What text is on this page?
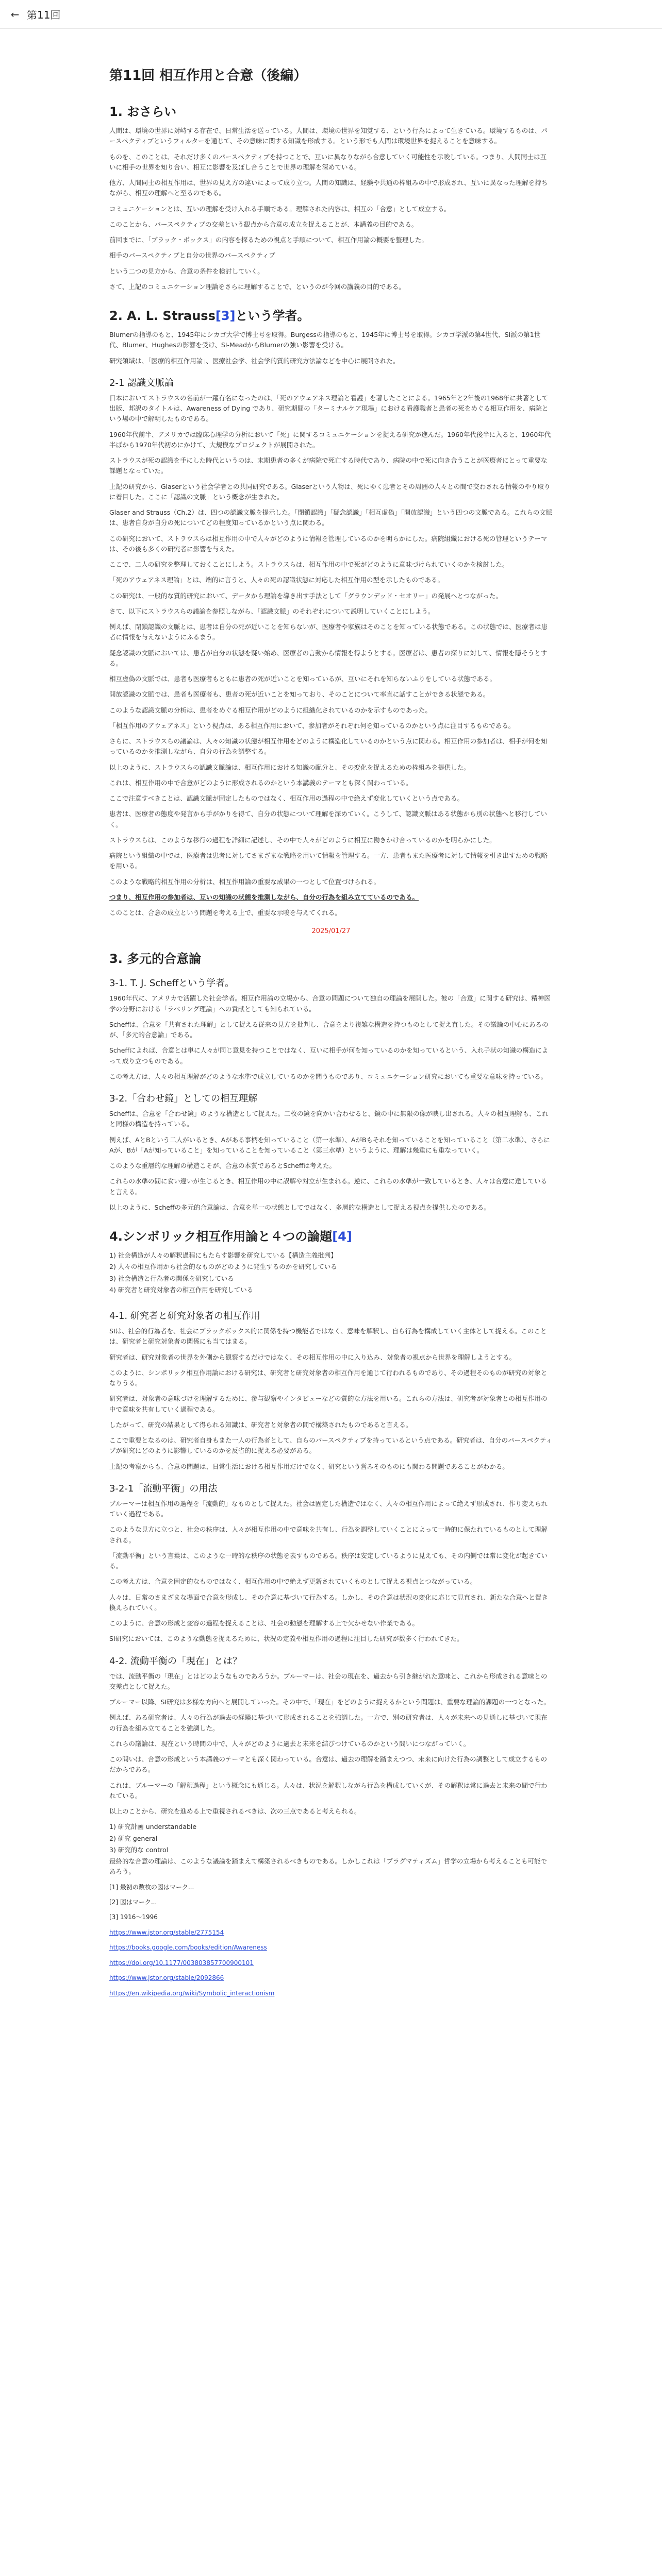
← 第11回
第11回 相互作用と合意（後編）
1. おさらい

人間は、環境の世界に対峙する存在で、日常生活を送っている。人間は、環境の世界を知覚する、という行為によって生きている。環境するものは、パースペクティブというフィルターを通じて、その意味に関する知識を形成する。という形でも人間は環境世界を捉えることを意味する。

ものを、このことは、それだけ多くのパースペクティブを持つことで、互いに異なりながら合意していく可能性を示唆している。つまり、人間同士は互いに相手の世界を知り合い、相互に影響を及ぼし合うことで世界の理解を深めている。

他方、人間同士の相互作用は、世界の見え方の違いによって成り立つ。人間の知識は、経験や共通の枠組みの中で形成され、互いに異なった理解を持ちながら、相互の理解へと至るのである。

コミュニケーションとは、互いの理解を受け入れる手順である。理解された内容は、相互の「合意」として成立する。

このことから、パースペクティブの交差という観点から合意の成立を捉えることが、本講義の目的である。

前回までに、「ブラック・ボックス」の内容を探るための視点と手順について、相互作用論の概要を整理した。

相手のパースペクティブと自分の世界のパースペクティブ

という二つの見方から、合意の条件を検討していく。

さて、上記のコミュニケーション理論をさらに理解することで、というのが今回の講義の目的である。

2. A. L. Strauss[3]という学者。

Blumerの指導のもと、1945年にシカゴ大学で博士号を取得。Burgessの指導のもと、1945年に博士号を取得。シカゴ学派の第4世代、SI派の第1世代、Blumer、Hughesの影響を受け、SI-MeadからBlumerの強い影響を受ける。

研究領域は、「医療的相互作用論」、医療社会学、社会学的質的研究方法論などを中心に展開された。

2-1 認識文脈論

日本においてストラウスの名前が一躍有名になったのは、「死のアウェアネス理論と看護」を著したことによる。1965年と2年後の1968年に共著として出版、邦訳のタイトルは、Awareness of Dying であり、研究期間の「ターミナルケア現場」における看護職者と患者の死をめぐる相互作用を、病院という場の中で解明したものである。

1960年代前半、アメリカでは臨床心理学の分析において「死」に関するコミュニケーションを捉える研究が進んだ。1960年代後半に入ると、1960年代半ばから1970年代初めにかけて、大規模なプロジェクトが展開された。

ストラウスが死の認識を手にした時代というのは、末期患者の多くが病院で死亡する時代であり、病院の中で死に向き合うことが医療者にとって重要な課題となっていた。

上記の研究から、Glaserという社会学者との共同研究である。Glaserという人物は、死にゆく患者とその周囲の人々との間で交わされる情報のやり取りに着目した。ここに「認識の文脈」という概念が生まれた。

Glaser and Strauss（Ch.2）は、四つの認識文脈を提示した。「閉鎖認識」「疑念認識」「相互虚偽」「開放認識」という四つの文脈である。これらの文脈は、患者自身が自分の死についてどの程度知っているかという点に関わる。

この研究において、ストラウスらは相互作用の中で人々がどのように情報を管理しているのかを明らかにした。病院組織における死の管理というテーマは、その後も多くの研究者に影響を与えた。

ここで、二人の研究を整理しておくことにしよう。ストラウスらは、相互作用の中で死がどのように意味づけられていくのかを検討した。

「死のアウェアネス理論」とは、端的に言うと、人々の死の認識状態に対応した相互作用の型を示したものである。

この研究は、一般的な質的研究において、データから理論を導き出す手法として「グラウンデッド・セオリー」の発展へとつながった。

さて、以下にストラウスらの議論を参照しながら、「認識文脈」のそれぞれについて説明していくことにしよう。

例えば、閉鎖認識の文脈とは、患者は自分の死が近いことを知らないが、医療者や家族はそのことを知っている状態である。この状態では、医療者は患者に情報を与えないようにふるまう。

疑念認識の文脈においては、患者が自分の状態を疑い始め、医療者の言動から情報を得ようとする。医療者は、患者の探りに対して、情報を隠そうとする。

相互虚偽の文脈では、患者も医療者もともに患者の死が近いことを知っているが、互いにそれを知らないふりをしている状態である。

開放認識の文脈では、患者も医療者も、患者の死が近いことを知っており、そのことについて率直に話すことができる状態である。

このような認識文脈の分析は、患者をめぐる相互作用がどのように組織化されているのかを示すものであった。

「相互作用のアウェアネス」という視点は、ある相互作用において、参加者がそれぞれ何を知っているのかという点に注目するものである。

さらに、ストラウスらの議論は、人々の知識の状態が相互作用をどのように構造化しているのかという点に関わる。相互作用の参加者は、相手が何を知っているのかを推測しながら、自分の行為を調整する。

以上のように、ストラウスらの認識文脈論は、相互作用における知識の配分と、その変化を捉えるための枠組みを提供した。

これは、相互作用の中で合意がどのように形成されるのかという本講義のテーマとも深く関わっている。

ここで注意すべきことは、認識文脈が固定したものではなく、相互作用の過程の中で絶えず変化していくという点である。

患者は、医療者の態度や発言から手がかりを得て、自分の状態について理解を深めていく。こうして、認識文脈はある状態から別の状態へと移行していく。

ストラウスらは、このような移行の過程を詳細に記述し、その中で人々がどのように相互に働きかけ合っているのかを明らかにした。

病院という組織の中では、医療者は患者に対してさまざまな戦略を用いて情報を管理する。一方、患者もまた医療者に対して情報を引き出すための戦略を用いる。

このような戦略的相互作用の分析は、相互作用論の重要な成果の一つとして位置づけられる。

つまり、相互作用の参加者は、互いの知識の状態を推測しながら、自分の行為を組み立てているのである。

このことは、合意の成立という問題を考える上で、重要な示唆を与えてくれる。

2025/01/27
3. 多元的合意論
3-1. T. J. Scheffという学者。

1960年代に、アメリカで活躍した社会学者。相互作用論の立場から、合意の問題について独自の理論を展開した。彼の「合意」に関する研究は、精神医学の分野における「ラベリング理論」への貢献としても知られている。

Scheffは、合意を「共有された理解」として捉える従来の見方を批判し、合意をより複雑な構造を持つものとして捉え直した。その議論の中心にあるのが、「多元的合意論」である。

Scheffによれば、合意とは単に人々が同じ意見を持つことではなく、互いに相手が何を知っているのかを知っているという、入れ子状の知識の構造によって成り立つものである。

この考え方は、人々の相互理解がどのような水準で成立しているのかを問うものであり、コミュニケーション研究においても重要な意味を持っている。

3-2.「合わせ鏡」としての相互理解

Scheffは、合意を「合わせ鏡」のような構造として捉えた。二枚の鏡を向かい合わせると、鏡の中に無限の像が映し出される。人々の相互理解も、これと同様の構造を持っている。

例えば、AとBという二人がいるとき、Aがある事柄を知っていること（第一水準）、AがBもそれを知っていることを知っていること（第二水準）、さらにAが、Bが「Aが知っていること」を知っていることを知っていること（第三水準）というように、理解は幾重にも重なっていく。

このような重層的な理解の構造こそが、合意の本質であるとScheffは考えた。

これらの水準の間に食い違いが生じるとき、相互作用の中に誤解や対立が生まれる。逆に、これらの水準が一致しているとき、人々は合意に達していると言える。

以上のように、Scheffの多元的合意論は、合意を単一の状態としてではなく、多層的な構造として捉える視点を提供したのである。

4.シンボリック相互作用論と４つの論題[4]

1) 社会構造が人々の解釈過程にもたらす影響を研究している【構造主義批判】

2) 人々の相互作用から社会的なものがどのように発生するのかを研究している

3) 社会構造と行為者の関係を研究している

4) 研究者と研究対象者の相互作用を研究している

4-1. 研究者と研究対象者の相互作用

SIは、社会的行為者を、社会にブラックボックス的に関係を持つ機能者ではなく、意味を解釈し、自ら行為を構成していく主体として捉える。このことは、研究者と研究対象者の関係にも当てはまる。

研究者は、研究対象者の世界を外側から観察するだけではなく、その相互作用の中に入り込み、対象者の視点から世界を理解しようとする。

このように、シンボリック相互作用論における研究は、研究者と研究対象者の相互作用を通じて行われるものであり、その過程そのものが研究の対象となりうる。

研究者は、対象者の意味づけを理解するために、参与観察やインタビューなどの質的な方法を用いる。これらの方法は、研究者が対象者との相互作用の中で意味を共有していく過程である。

したがって、研究の結果として得られる知識は、研究者と対象者の間で構築されたものであると言える。

ここで重要となるのは、研究者自身もまた一人の行為者として、自らのパースペクティブを持っているという点である。研究者は、自分のパースペクティブが研究にどのように影響しているのかを反省的に捉える必要がある。

上記の考察からも、合意の問題は、日常生活における相互作用だけでなく、研究という営みそのものにも関わる問題であることがわかる。

3-2-1「流動平衡」の用法

ブルーマーは相互作用の過程を「流動的」なものとして捉えた。社会は固定した構造ではなく、人々の相互作用によって絶えず形成され、作り変えられていく過程である。

このような見方に立つと、社会の秩序は、人々が相互作用の中で意味を共有し、行為を調整していくことによって一時的に保たれているものとして理解される。

「流動平衡」という言葉は、このような一時的な秩序の状態を表すものである。秩序は安定しているように見えても、その内側では常に変化が起きている。

この考え方は、合意を固定的なものではなく、相互作用の中で絶えず更新されていくものとして捉える視点とつながっている。

人々は、日常のさまざまな場面で合意を形成し、その合意に基づいて行為する。しかし、その合意は状況の変化に応じて見直され、新たな合意へと置き換えられていく。

このように、合意の形成と変容の過程を捉えることは、社会の動態を理解する上で欠かせない作業である。

SI研究においては、このような動態を捉えるために、状況の定義や相互作用の過程に注目した研究が数多く行われてきた。

4-2. 流動平衡の「現在」とは？

では、流動平衡の「現在」とはどのようなものであろうか。ブルーマーは、社会の現在を、過去から引き継がれた意味と、これから形成される意味との交差点として捉えた。

ブルーマー以降、SI研究は多様な方向へと展開していった。その中で、「現在」をどのように捉えるかという問題は、重要な理論的課題の一つとなった。

例えば、ある研究者は、人々の行為が過去の経験に基づいて形成されることを強調した。一方で、別の研究者は、人々が未来への見通しに基づいて現在の行為を組み立てることを強調した。

これらの議論は、現在という時間の中で、人々がどのように過去と未来を結びつけているのかという問いにつながっていく。

この問いは、合意の形成という本講義のテーマとも深く関わっている。合意は、過去の理解を踏まえつつ、未来に向けた行為の調整として成立するものだからである。

これは、ブルーマーの「解釈過程」という概念にも通じる。人々は、状況を解釈しながら行為を構成していくが、その解釈は常に過去と未来の間で行われている。

以上のことから、研究を進める上で重視されるべきは、次の三点であると考えられる。

1) 研究計画 understandable

2) 研究 general

3) 研究的な control

最終的な合意の理論は、このような議論を踏まえて構築されるべきものである。しかしこれは「プラグマティズム」哲学の立場から考えることも可能であろう。

[1] 最初の数枚の図はマーク...

[2] 図はマーク...

[3] 1916～1996

https://www.jstor.org/stable/2775154

https://books.google.com/books/edition/Awareness

https://doi.org/10.1177/003803857700900101

https://www.jstor.org/stable/2092866

https://en.wikipedia.org/wiki/Symbolic_interactionism
